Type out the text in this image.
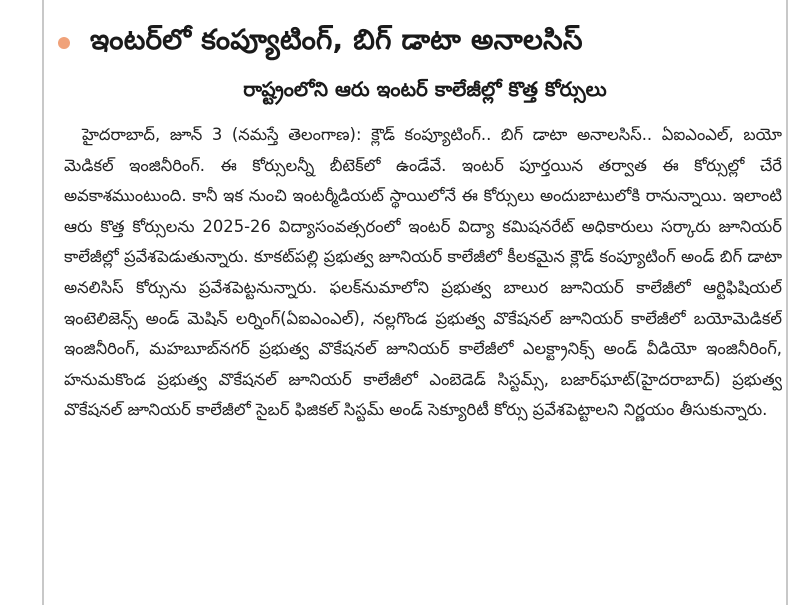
ఇంటర్‌లో కంప్యూటింగ్, బిగ్ డాటా అనాలసిస్
రాష్ట్రంలోని ఆరు ఇంటర్ కాలేజీల్లో కొత్త కోర్సులు
హైదరాబాద్, జూన్ 3 (నమస్తే తెలంగాణ): క్లౌడ్ కంప్యూటింగ్.. బిగ్ డాటా అనాలసిస్.. ఏఐఎంఎల్, బయో మెడికల్ ఇంజినీరింగ్. ఈ కోర్సులన్నీ బీటెక్‌లో ఉండేవే. ఇంటర్ పూర్తయిన తర్వాత ఈ కోర్సుల్లో చేరే అవకాశముంటుంది. కానీ ఇక నుంచి ఇంటర్మీడియట్ స్థాయిలోనే ఈ కోర్సులు అందుబాటులోకి రానున్నాయి. ఇలాంటి ఆరు కొత్త కోర్సులను 2025-26 విద్యాసంవత్సరంలో ఇంటర్ విద్యా కమిషనరేట్ అధికారులు సర్కారు జూనియర్ కాలేజీల్లో ప్రవేశపెడుతున్నారు. కూకట్‌పల్లి ప్రభుత్వ జూనియర్ కాలేజీలో కీలకమైన క్లౌడ్ కంప్యూటింగ్ అండ్ బిగ్ డాటా అనలిసిస్ కోర్సును ప్రవేశపెట్టనున్నారు. ఫలక్‌నుమాలోని ప్రభుత్వ బాలుర జూనియర్ కాలేజీలో ఆర్టిఫిషియల్ ఇంటెలిజెన్స్ అండ్ మెషిన్ లర్నింగ్(ఏఐఎంఎల్), నల్లగొండ ప్రభుత్వ వొకేషనల్ జూనియర్ కాలేజీలో బయోమెడికల్ ఇంజినీరింగ్, మహబూబ్‌నగర్ ప్రభుత్వ వొకేషనల్ జూనియర్ కాలేజీలో ఎలక్ట్రానిక్స్ అండ్ వీడియో ఇంజినీరింగ్, హనుమకొండ ప్రభుత్వ వొకేషనల్ జూనియర్ కాలేజీలో ఎంబెడెడ్ సిస్టమ్స్, బజార్‌ఘాట్(హైదరాబాద్) ప్రభుత్వ వొకేషనల్ జూనియర్ కాలేజీలో సైబర్ ఫిజికల్ సిస్టమ్ అండ్ సెక్యూరిటీ కోర్సు ప్రవేశపెట్టాలని నిర్ణయం తీసుకున్నారు.
